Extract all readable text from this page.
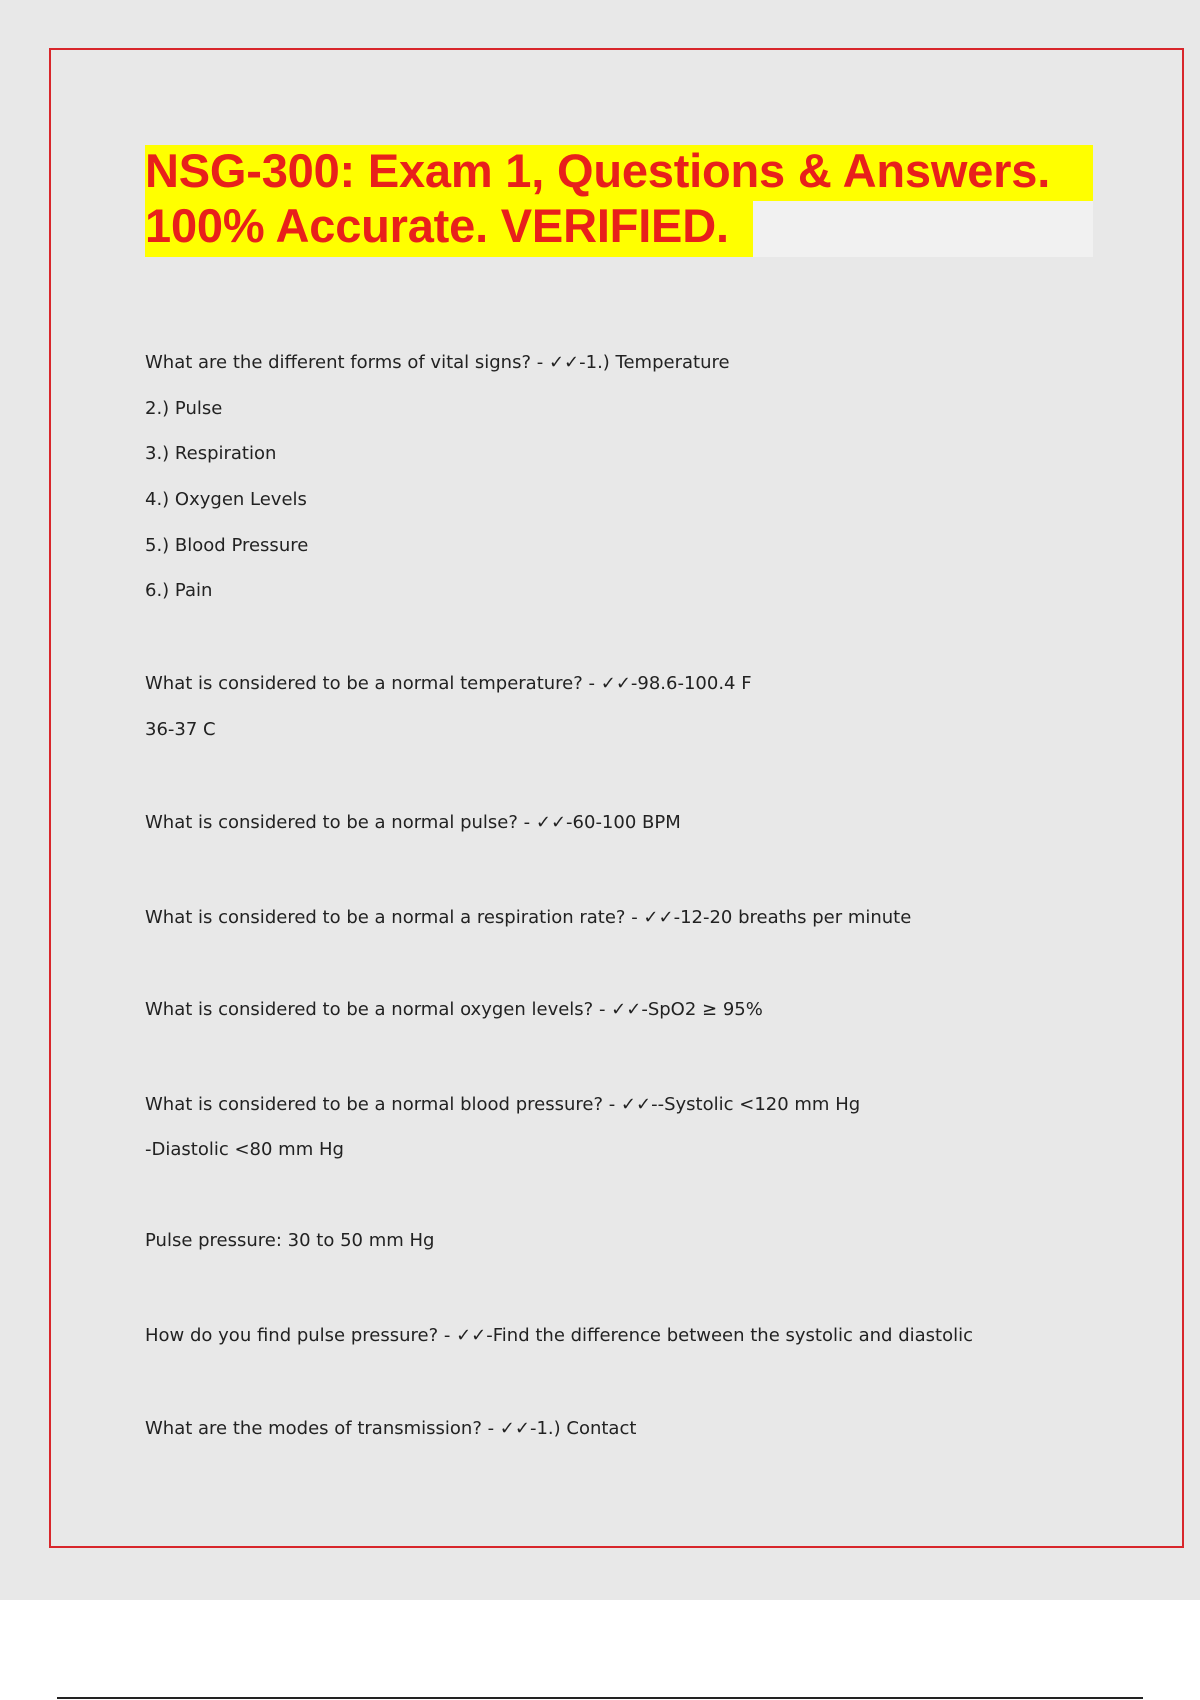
NSG-300: Exam 1, Questions & Answers.
100% Accurate. VERIFIED.

What are the different forms of vital signs? - ✓✓-1.) Temperature

2.) Pulse

3.) Respiration

4.) Oxygen Levels

5.) Blood Pressure

6.) Pain

What is considered to be a normal temperature? - ✓✓-98.6-100.4 F

36-37 C

What is considered to be a normal pulse? - ✓✓-60-100 BPM

What is considered to be a normal a respiration rate? - ✓✓-12-20 breaths per minute

What is considered to be a normal oxygen levels? - ✓✓-SpO2 ≥ 95%

What is considered to be a normal blood pressure? - ✓✓--Systolic <120 mm Hg

-Diastolic <80 mm Hg

Pulse pressure: 30 to 50 mm Hg

How do you find pulse pressure? - ✓✓-Find the difference between the systolic and diastolic

What are the modes of transmission? - ✓✓-1.) Contact
